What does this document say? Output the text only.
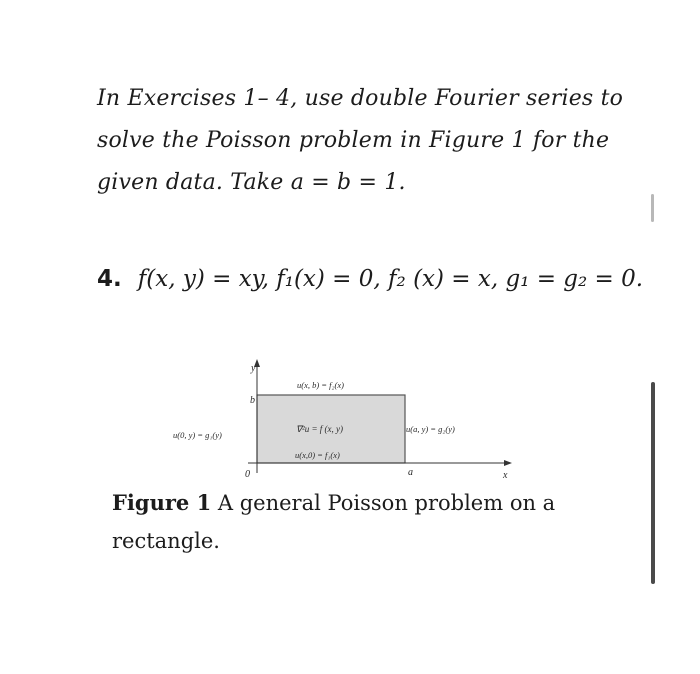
In Exercises 1– 4, use double Fourier series to
solve the Poisson problem in Figure 1 for the
given data. Take a = b = 1.
4. f(x, y) = xy, f₁(x) = 0, f₂ (x) = x, g₁ = g₂ = 0.
y
b
0	a	x
u(x, b) = f₂(x)
∇²u = f (x, y)
u(x,0) = f₁(x)
u(0, y) = g₁(y)
u(a, y) = g₂(y)
Figure 1 A general Poisson problem on a rectangle.
